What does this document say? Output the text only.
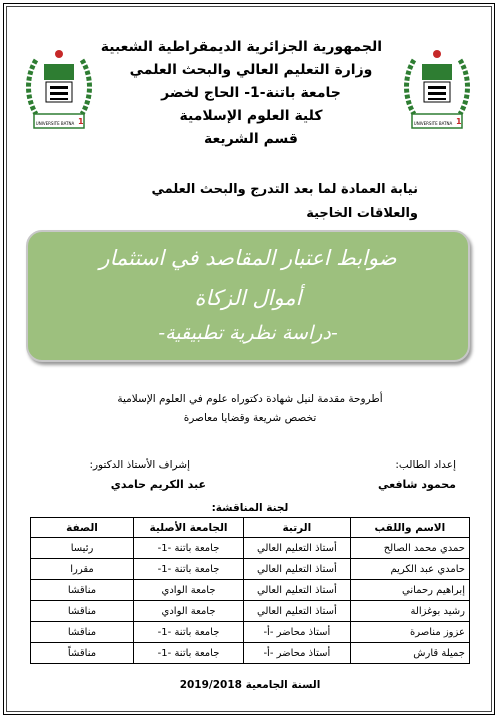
1
UNIVERSITE BATNA	1
UNIVERSITE BATNA
الجمهورية الجزائرية الديمقراطية الشعبية
وزارة التعليم العالي والبحث العلمي
جامعة باتنة-1- الحاج لخضر
كلية العلوم الإسلامية
قسم الشريعة
نيابة العمادة لما بعد التدرج والبحث العلمي
والعلاقات الخاجية
ضوابط اعتبار المقاصد في استثمار
أموال الزكاة
-دراسة نظرية تطبيقية-
أطروحة مقدمة لنيل شهادة دكتوراه علوم في العلوم الإسلامية
تخصص شريعة وقضايا معاصرة
إعداد الطالب:
محمود شافعي
إشراف الأستاذ الدكتور:
عبد الكريم حامدي
لجنة المناقشة:
الاسم واللقب	الرتبة	الجامعة الأصلية	الصفة
حمدي محمد الصالح	أستاذ التعليم العالي	جامعة باتنة -1-	رئيسا
حامدي عبد الكريم	أستاذ التعليم العالي	جامعة باتنة -1-	مقررا
إبراهيم رحماني	أستاذ التعليم العالي	جامعة الوادي	مناقشا
رشيد بوغزالة	أستاذ التعليم العالي	جامعة الوادي	مناقشا
عزوز مناصرة	أستاذ محاضر -أ-	جامعة باتنة -1-	مناقشا
جميلة قارش	أستاذ محاضر -أ-	جامعة باتنة -1-	مناقشاً
السنة الجامعية 2019/2018
